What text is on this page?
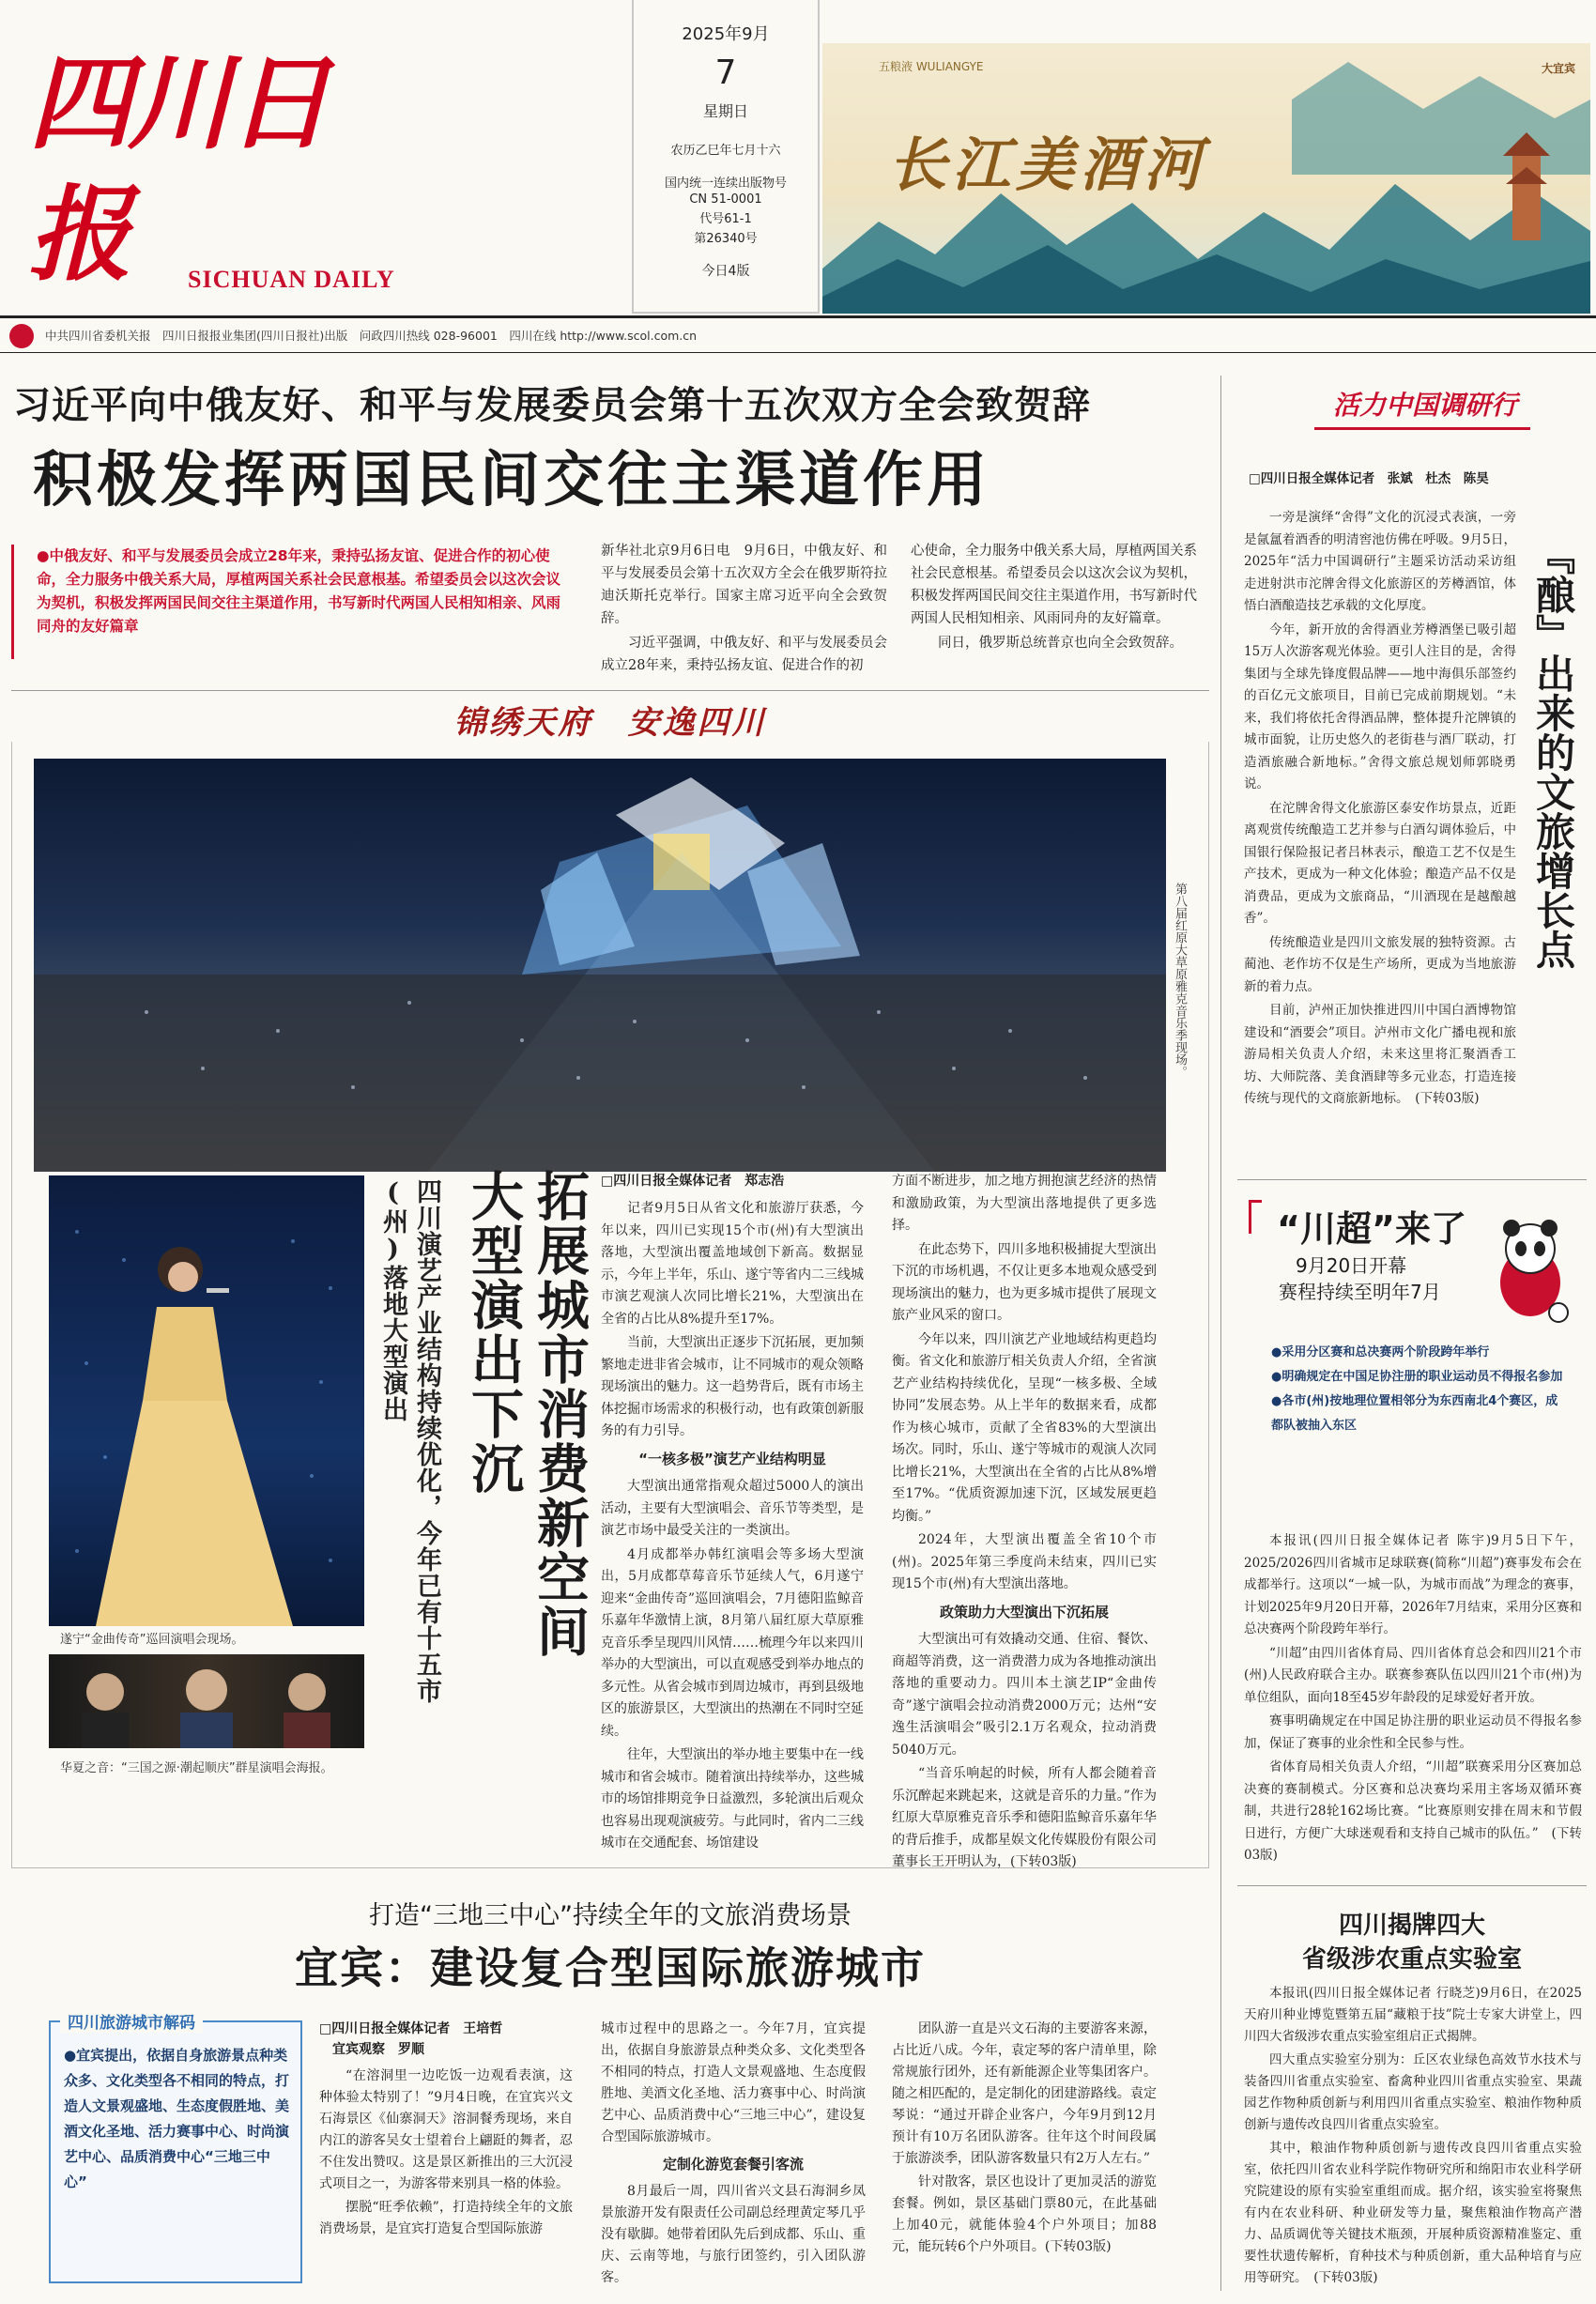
四川日报	SICHUAN DAILY
2025年9月
7
星期日
农历乙巳年七月十六
国内统一连续出版物号
CN 51-0001
代号61-1
第26340号
今日4版
五粮液 WULIANGYE
长江美酒河
大宜宾
中共四川省委机关报　四川日报报业集团(四川日报社)出版　问政四川热线 028-96001　四川在线 http://www.scol.com.cn
习近平向中俄友好、和平与发展委员会第十五次双方全会致贺辞
积极发挥两国民间交往主渠道作用
●中俄友好、和平与发展委员会成立28年来，秉持弘扬友谊、促进合作的初心使命，全力服务中俄关系大局，厚植两国关系社会民意根基。希望委员会以这次会议为契机，积极发挥两国民间交往主渠道作用，书写新时代两国人民相知相亲、风雨同舟的友好篇章

新华社北京9月6日电　9月6日，中俄友好、和平与发展委员会第十五次双方全会在俄罗斯符拉迪沃斯托克举行。国家主席习近平向全会致贺辞。

习近平强调，中俄友好、和平与发展委员会成立28年来，秉持弘扬友谊、促进合作的初

心使命，全力服务中俄关系大局，厚植两国关系社会民意根基。希望委员会以这次会议为契机，积极发挥两国民间交往主渠道作用，书写新时代两国人民相知相亲、风雨同舟的友好篇章。

同日，俄罗斯总统普京也向全会致贺辞。

锦绣天府　安逸四川
第八届红原大草原雅克音乐季现场。
拓展城市消费新空间　大型演出下沉
四川演艺产业结构持续优化，今年已有十五市(州)落地大型演出
遂宁“金曲传奇”巡回演唱会现场。
华夏之音：“三国之源·潮起顺庆”群星演唱会海报。
□四川日报全媒体记者　郑志浩

记者9月5日从省文化和旅游厅获悉，今年以来，四川已实现15个市(州)有大型演出落地，大型演出覆盖地域创下新高。数据显示，今年上半年，乐山、遂宁等省内二三线城市演艺观演人次同比增长21%，大型演出在全省的占比从8%提升至17%。

当前，大型演出正逐步下沉拓展，更加频繁地走进非省会城市，让不同城市的观众领略现场演出的魅力。这一趋势背后，既有市场主体挖掘市场需求的积极行动，也有政策创新服务的有力引导。

“一核多极”演艺产业结构明显

大型演出通常指观众超过5000人的演出活动，主要有大型演唱会、音乐节等类型，是演艺市场中最受关注的一类演出。

4月成都举办韩红演唱会等多场大型演出，5月成都草莓音乐节延续人气，6月遂宁迎来“金曲传奇”巡回演唱会，7月德阳监鲸音乐嘉年华激情上演，8月第八届红原大草原雅克音乐季呈现四川风情……梳理今年以来四川举办的大型演出，可以直观感受到举办地点的多元性。从省会城市到周边城市，再到县级地区的旅游景区，大型演出的热潮在不同时空延续。

往年，大型演出的举办地主要集中在一线城市和省会城市。随着演出持续举办，这些城市的场馆排期竞争日益激烈，多轮演出后观众也容易出现观演疲劳。与此同时，省内二三线城市在交通配套、场馆建设

方面不断进步，加之地方拥抱演艺经济的热情和激励政策，为大型演出落地提供了更多选择。

在此态势下，四川多地积极捕捉大型演出下沉的市场机遇，不仅让更多本地观众感受到现场演出的魅力，也为更多城市提供了展现文旅产业风采的窗口。

今年以来，四川演艺产业地域结构更趋均衡。省文化和旅游厅相关负责人介绍，全省演艺产业结构持续优化，呈现“一核多极、全域协同”发展态势。从上半年的数据来看，成都作为核心城市，贡献了全省83%的大型演出场次。同时，乐山、遂宁等城市的观演人次同比增长21%，大型演出在全省的占比从8%增至17%。“优质资源加速下沉，区域发展更趋均衡。”

2024年，大型演出覆盖全省10个市(州)。2025年第三季度尚未结束，四川已实现15个市(州)有大型演出落地。

政策助力大型演出下沉拓展

大型演出可有效撬动交通、住宿、餐饮、商超等消费，这一消费潜力成为各地推动演出落地的重要动力。四川本土演艺IP“金曲传奇”遂宁演唱会拉动消费2000万元；达州“安逸生活演唱会”吸引2.1万名观众，拉动消费5040万元。

“当音乐响起的时候，所有人都会随着音乐沉醉起来跳起来，这就是音乐的力量。”作为红原大草原雅克音乐季和德阳监鲸音乐嘉年华的背后推手，成都星娱文化传媒股份有限公司董事长王开明认为，(下转03版)

打造“三地三中心”持续全年的文旅消费场景
宜宾：建设复合型国际旅游城市
四川旅游城市解码
●宜宾提出，依据自身旅游景点种类众多、文化类型各不相同的特点，打造人文景观盛地、生态度假胜地、美酒文化圣地、活力赛事中心、时尚演艺中心、品质消费中心“三地三中心”
□四川日报全媒体记者　王培哲
宜宾观察　罗顺

“在溶洞里一边吃饭一边观看表演，这种体验太特别了！”9月4日晚，在宜宾兴文石海景区《仙寨洞天》溶洞餐秀现场，来自内江的游客吴女士望着台上翩跹的舞者，忍不住发出赞叹。这是景区新推出的三大沉浸式项目之一，为游客带来别具一格的体验。

摆脱“旺季依赖”，打造持续全年的文旅消费场景，是宜宾打造复合型国际旅游

城市过程中的思路之一。今年7月，宜宾提出，依据自身旅游景点种类众多、文化类型各不相同的特点，打造人文景观盛地、生态度假胜地、美酒文化圣地、活力赛事中心、时尚演艺中心、品质消费中心“三地三中心”，建设复合型国际旅游城市。

定制化游览套餐引客流

8月最后一周，四川省兴文县石海洞乡凤景旅游开发有限责任公司副总经理黄定琴几乎没有歇脚。她带着团队先后到成都、乐山、重庆、云南等地，与旅行团签约，引入团队游客。

团队游一直是兴文石海的主要游客来源，占比近八成。今年，袁定琴的客户清单里，除常规旅行团外，还有新能源企业等集团客户。随之相匹配的，是定制化的团建游路线。袁定琴说：“通过开辟企业客户，今年9月到12月预计有10万名团队游客。往年这个时间段属于旅游淡季，团队游客数量只有2万人左右。”

针对散客，景区也设计了更加灵活的游览套餐。例如，景区基础门票80元，在此基础上加40元，就能体验4个户外项目；加88元，能玩转6个户外项目。(下转03版)

活力中国调研行
□四川日报全媒体记者　张斌　杜杰　陈昊

一旁是演绎“舍得”文化的沉浸式表演，一旁是氤氲着酒香的明清窖池仿佛在呼吸。9月5日，2025年“活力中国调研行”主题采访活动采访组走进射洪市沱牌舍得文化旅游区的芳樽酒馆，体悟白酒酿造技艺承载的文化厚度。

今年，新开放的舍得酒业芳樽酒堡已吸引超15万人次游客观光体验。更引人注目的是，舍得集团与全球先锋度假品牌——地中海俱乐部签约的百亿元文旅项目，目前已完成前期规划。“未来，我们将依托舍得酒品牌，整体提升沱牌镇的城市面貌，让历史悠久的老街巷与酒厂联动，打造酒旅融合新地标。”舍得文旅总规划师郭晓勇说。

在沱牌舍得文化旅游区泰安作坊景点，近距离观赏传统酿造工艺并参与白酒勾调体验后，中国银行保险报记者吕林表示，酿造工艺不仅是生产技术，更成为一种文化体验；酿造产品不仅是消费品，更成为文旅商品，“川酒现在是越酿越香”。

传统酿造业是四川文旅发展的独特资源。古蔺池、老作坊不仅是生产场所，更成为当地旅游新的着力点。

目前，泸州正加快推进四川中国白酒博物馆建设和“酒要会”项目。泸州市文化广播电视和旅游局相关负责人介绍，未来这里将汇聚酒香工坊、大师院落、美食酒肆等多元业态，打造连接传统与现代的文商旅新地标。　(下转03版)

『酿』出来的文旅增长点
“川超”来了
9月20日开幕
赛程持续至明年7月
●采用分区赛和总决赛两个阶段跨年举行
●明确规定在中国足协注册的职业运动员不得报名参加
●各市(州)按地理位置相邻分为东西南北4个赛区，成都队被抽入东区

本报讯(四川日报全媒体记者 陈宇)9月5日下午，2025/2026四川省城市足球联赛(简称“川超”)赛事发布会在成都举行。这项以“一城一队，为城市而战”为理念的赛事，计划2025年9月20日开幕，2026年7月结束，采用分区赛和总决赛两个阶段跨年举行。

“川超”由四川省体育局、四川省体育总会和四川21个市(州)人民政府联合主办。联赛参赛队伍以四川21个市(州)为单位组队，面向18至45岁年龄段的足球爱好者开放。

赛事明确规定在中国足协注册的职业运动员不得报名参加，保证了赛事的业余性和全民参与性。

省体育局相关负责人介绍，“川超”联赛采用分区赛加总决赛的赛制模式。分区赛和总决赛均采用主客场双循环赛制，共进行28轮162场比赛。“比赛原则安排在周末和节假日进行，方便广大球迷观看和支持自己城市的队伍。”　(下转03版)

四川揭牌四大
省级涉农重点实验室

本报讯(四川日报全媒体记者 行晓芝)9月6日，在2025天府川种业博览暨第五届“藏粮于技”院士专家大讲堂上，四川四大省级涉农重点实验室组启正式揭牌。

四大重点实验室分别为：丘区农业绿色高效节水技术与装备四川省重点实验室、畜禽种业四川省重点实验室、果蔬园艺作物种质创新与利用四川省重点实验室、粮油作物种质创新与遗传改良四川省重点实验室。

其中，粮油作物种质创新与遗传改良四川省重点实验室，依托四川省农业科学院作物研究所和绵阳市农业科学研究院建设的原有实验室重组而成。据介绍，该实验室将聚焦有内在农业科研、种业研发等力量，聚焦粮油作物高产潜力、品质调优等关键技术瓶颈，开展种质资源精准鉴定、重要性状遗传解析，育种技术与种质创新，重大品种培育与应用等研究。　(下转03版)
